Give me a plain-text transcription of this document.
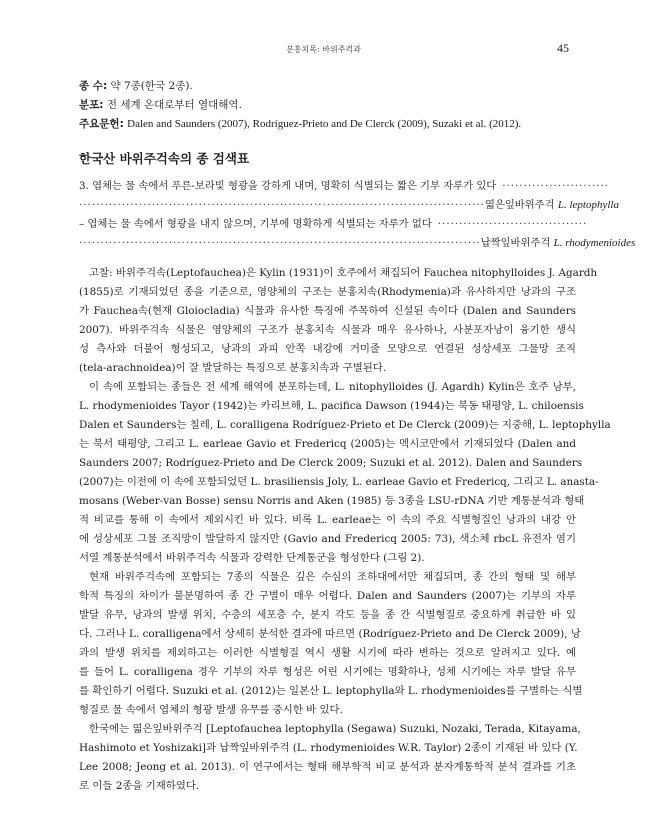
분홍치목: 바위주걱과	45
종 수: 약 7종(한국 2종).
분포: 전 세계 온대로부터 열대해역.
주요문헌: Dalen and Saunders (2007), Rodríguez-Prieto and De Clerck (2009), Suzaki et al. (2012).
한국산 바위주걱속의 종 검색표
3. 엽체는 물 속에서 푸른-보라빛 형광을 강하게 내며, 명확히 식별되는 짧은 기부 자루가 있다 ·························
······························································································· 엷은잎바위주걱 L. leptophylla
– 엽체는 물 속에서 형광을 내지 않으며, 기부에 명확하게 식별되는 자루가 없다 ···································
······························································································ 납짝잎바위주걱 L. rhodymenioides
고찰: 바위주걱속(Leptofauchea)은 Kylin (1931)이 호주에서 채집되어 Fauchea nitophylloides J. Agardh
(1855)로 기재되었던 종을 기준으로, 영양체의 구조는 분홍치속(Rhodymenia)과 유사하지만 낭과의 구조
가 Fauchea속(현재 Gloiocladia) 식물과 유사한 특징에 주목하여 신설된 속이다 (Dalen and Saunders
2007). 바위주걱속 식물은 영양체의 구조가 분홍치속 식물과 매우 유사하나, 사분포자낭이 융기한 생식
성 측사와 더불어 형성되고, 낭과의 과피 안쪽 내강에 거미줄 모양으로 연결된 성상세포 그물망 조직
(tela-arachnoidea)이 잘 발달하는 특징으로 분홍치속과 구별된다.
이 속에 포함되는 종들은 전 세계 해역에 분포하는데, L. nitophylloides (J. Agardh) Kylin은 호주 남부,
L. rhodymenioides Tayor (1942)는 카리브해, L. pacifica Dawson (1944)는 북동 태평양, L. chiloensis
Dalen et Saunders는 칠레, L. coralligena Rodríguez-Prieto et De Clerck (2009)는 지중해, L. leptophylla
는 북서 태평양, 그리고 L. earleae Gavio et Fredericq (2005)는 멕시코만에서 기재되었다 (Dalen and
Saunders 2007; Rodríguez-Prieto and De Clerck 2009; Suzuki et al. 2012). Dalen and Saunders
(2007)는 이전에 이 속에 포함되었던 L. brasiliensis Joly, L. earleae Gavio et Fredericq, 그리고 L. anasta-
mosans (Weber-van Bosse) sensu Norris and Aken (1985) 등 3종을 LSU-rDNA 기반 계통분석과 형태
적 비교를 통해 이 속에서 제외시킨 바 있다. 비록 L. earleae는 이 속의 주요 식별형질인 낭과의 내강 안
에 성상세포 그물 조직망이 발달하지 않지만 (Gavio and Fredericq 2005: 73), 색소체 rbcL 유전자 염기
서열 계통분석에서 바위주걱속 식물과 강력한 단계통군을 형성한다 (그림 2).
현재 바위주걱속에 포함되는 7종의 식물은 깊은 수심의 조하대에서만 채집되며, 종 간의 형태 및 해부
학적 특징의 차이가 불분명하여 종 간 구별이 매우 어렵다. Dalen and Saunders (2007)는 기부의 자루
발달 유무, 낭과의 발생 위치, 수층의 세포층 수, 분지 각도 등을 종 간 식별형질로 중요하게 취급한 바 있
다. 그러나 L. coralligena에서 상세히 분석한 결과에 따르면 (Rodríguez-Prieto and De Clerck 2009), 낭
과의 발생 위치를 제외하고는 이러한 식별형질 역시 생활 시기에 따라 변하는 것으로 알려지고 있다. 예
를 들어 L. coralligena 경우 기부의 자루 형성은 어린 시기에는 명확하나, 성체 시기에는 자루 발달 유무
를 확인하기 어렵다. Suzuki et al. (2012)는 일본산 L. leptophylla와 L. rhodymenioides를 구별하는 식별
형질로 물 속에서 엽체의 형광 발생 유무를 중시한 바 있다.
한국에는 엷은잎바위주걱 [Leptofauchea leptophylla (Segawa) Suzuki, Nozaki, Terada, Kitayama,
Hashimoto et Yoshizaki]과 납짝잎바위주걱 (L. rhodymenioides W.R. Taylor) 2종이 기재된 바 있다 (Y.
Lee 2008; Jeong et al. 2013). 이 연구에서는 형태 해부학적 비교 분석과 분자계통학적 분석 결과를 기초
로 이들 2종을 기재하였다.
